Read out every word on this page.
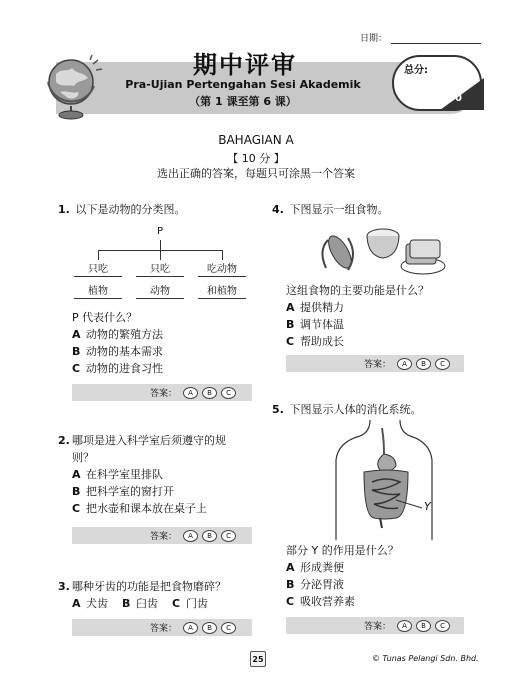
日期：
期中评审
Pra-Ujian Pertengahan Sesi Akademik
（第 1 课至第 6 课）
总分:
50
BAHAGIAN A
【 10 分 】
选出正确的答案，每题只可涂黑一个答案
1. 以下是动物的分类图。
P
只吃	只吃	吃动物
植物	动物	和植物
P 代表什么？
A 动物的繁殖方法
B 动物的基本需求
C 动物的进食习性
答案：	A	B	C
2. 哪项是进入科学室后须遵守的规
则？
A 在科学室里排队
B 把科学室的窗打开
C 把水壶和课本放在桌子上
答案：	A	B	C
3. 哪种牙齿的功能是把食物磨碎？
A 犬齿 B 臼齿 C 门齿
答案：	A	B	C
4. 下图显示一组食物。
这组食物的主要功能是什么？
A 提供精力
B 调节体温
C 帮助成长
答案：	A	B	C
5. 下图显示人体的消化系统。
Y
部分 Y 的作用是什么？
A 形成粪便
B 分泌胃液
C 吸收营养素
答案：	A	B	C
25	© Tunas Pelangi Sdn. Bhd.
